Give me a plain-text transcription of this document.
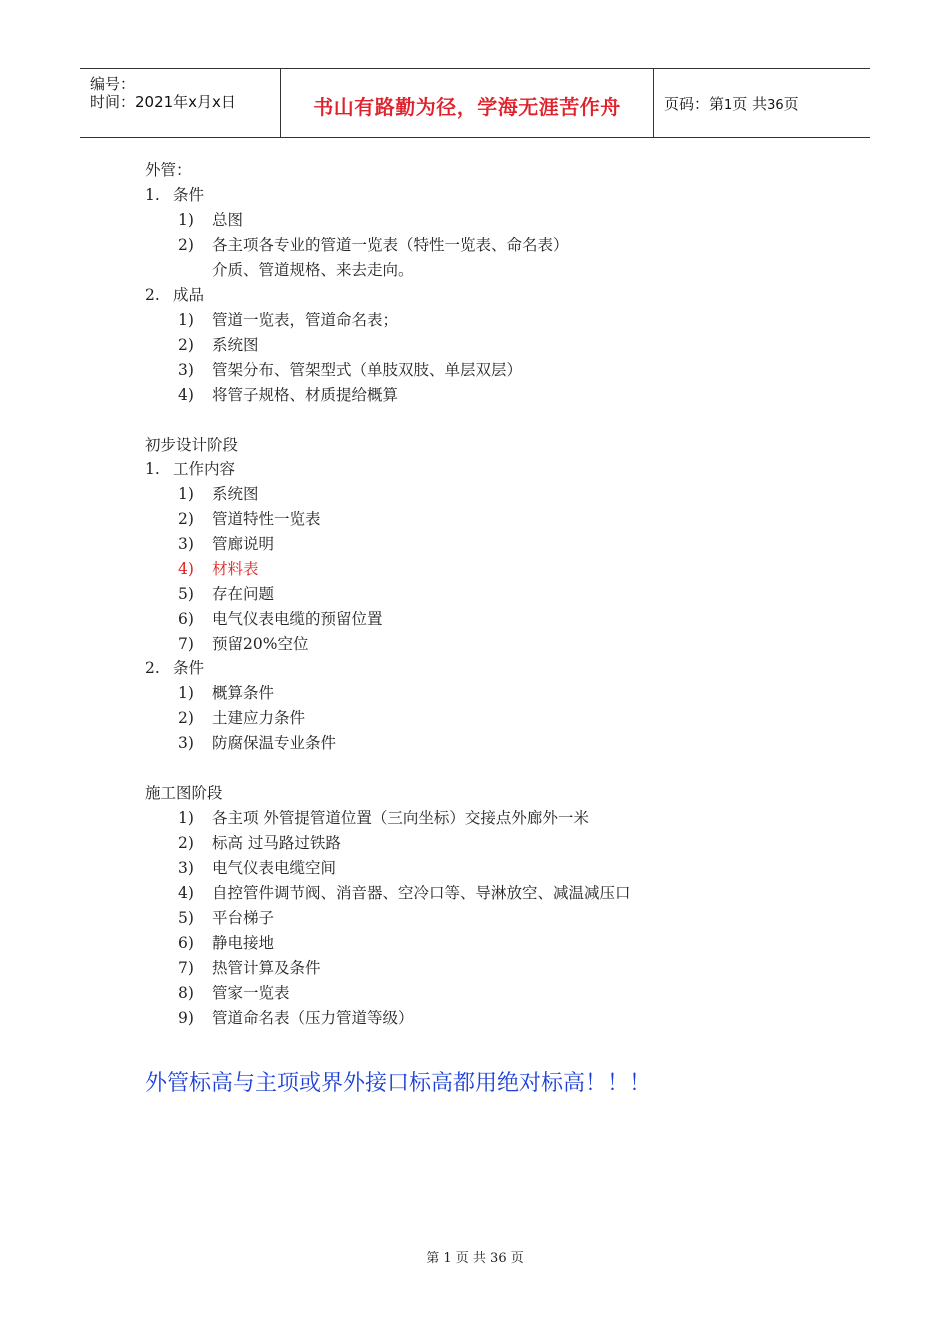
编号：
时间：2021年x月x日	书山有路勤为径，学海无涯苦作舟	页码：第1页 共36页
外管：
1. 条件
1) 总图
2) 各主项各专业的管道一览表（特性一览表、命名表）
介质、管道规格、来去走向。
2. 成品
1) 管道一览表，管道命名表；
2) 系统图
3) 管架分布、管架型式（单肢双肢、单层双层）
4) 将管子规格、材质提给概算
初步设计阶段
1. 工作内容
1) 系统图
2) 管道特性一览表
3) 管廊说明
4) 材料表
5) 存在问题
6) 电气仪表电缆的预留位置
7) 预留20%空位
2. 条件
1) 概算条件
2) 土建应力条件
3) 防腐保温专业条件
施工图阶段
1) 各主项 外管提管道位置（三向坐标）交接点外廊外一米
2) 标高 过马路过铁路
3) 电气仪表电缆空间
4) 自控管件调节阀、消音器、空冷口等、导淋放空、减温减压口
5) 平台梯子
6) 静电接地
7) 热管计算及条件
8) 管家一览表
9) 管道命名表（压力管道等级）
外管标高与主项或界外接口标高都用绝对标高！！！
第 1 页 共 36 页
